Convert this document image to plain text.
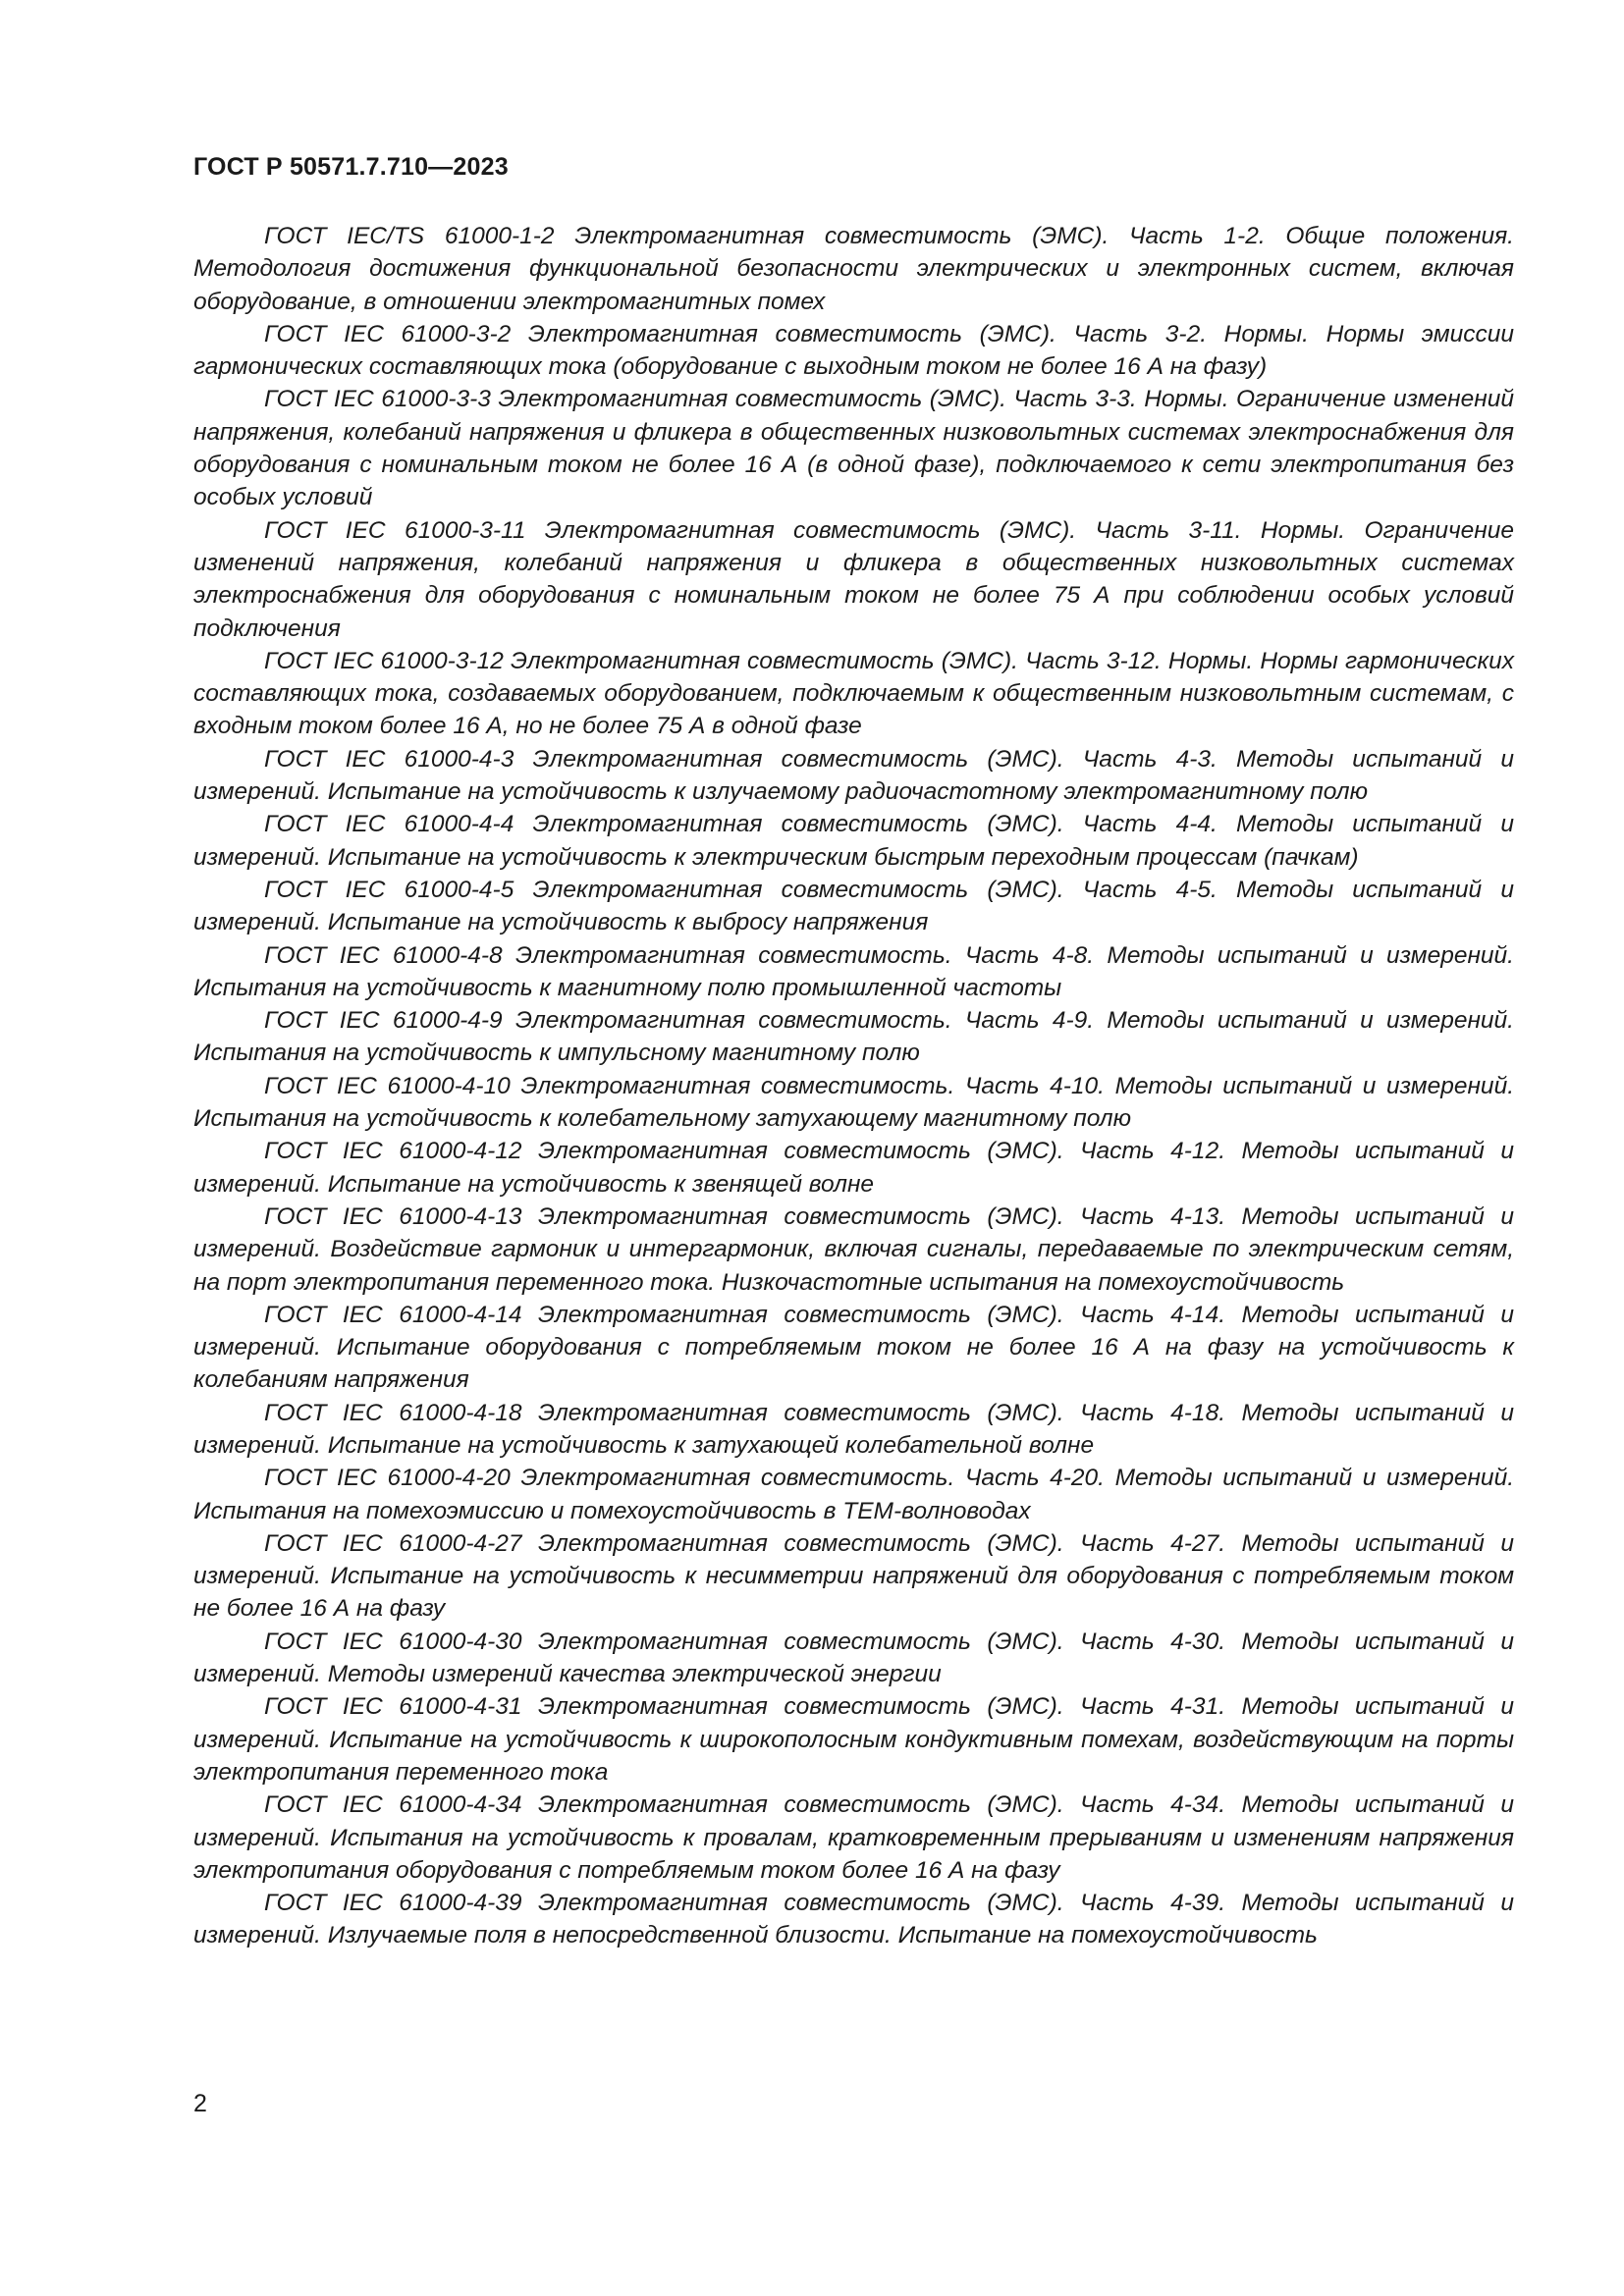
ГОСТ Р 50571.7.710—2023

ГОСТ IEC/TS 61000-1-2 Электромагнитная совместимость (ЭМС). Часть 1-2. Общие положения. Методология достижения функциональной безопасности электрических и электронных систем, включая оборудование, в отношении электромагнитных помех

ГОСТ IEC 61000-3-2 Электромагнитная совместимость (ЭМС). Часть 3-2. Нормы. Нормы эмиссии гармонических составляющих тока (оборудование с выходным током не более 16 А на фазу)

ГОСТ IEC 61000-3-3 Электромагнитная совместимость (ЭМС). Часть 3-3. Нормы. Ограничение изменений напряжения, колебаний напряжения и фликера в общественных низковольтных системах электроснабжения для оборудования с номинальным током не более 16 А (в одной фазе), подключаемого к сети электропитания без особых условий

ГОСТ IEC 61000-3-11 Электромагнитная совместимость (ЭМС). Часть 3-11. Нормы. Ограничение изменений напряжения, колебаний напряжения и фликера в общественных низковольтных системах электроснабжения для оборудования с номинальным током не более 75 А при соблюдении особых условий подключения

ГОСТ IEC 61000-3-12 Электромагнитная совместимость (ЭМС). Часть 3-12. Нормы. Нормы гармонических составляющих тока, создаваемых оборудованием, подключаемым к общественным низковольтным системам, с входным током более 16 А, но не более 75 А в одной фазе

ГОСТ IEC 61000-4-3 Электромагнитная совместимость (ЭМС). Часть 4-3. Методы испытаний и измерений. Испытание на устойчивость к излучаемому радиочастотному электромагнитному полю

ГОСТ IEC 61000-4-4 Электромагнитная совместимость (ЭМС). Часть 4-4. Методы испытаний и измерений. Испытание на устойчивость к электрическим быстрым переходным процессам (пачкам)

ГОСТ IEC 61000-4-5 Электромагнитная совместимость (ЭМС). Часть 4-5. Методы испытаний и измерений. Испытание на устойчивость к выбросу напряжения

ГОСТ IEC 61000-4-8 Электромагнитная совместимость. Часть 4-8. Методы испытаний и измерений. Испытания на устойчивость к магнитному полю промышленной частоты

ГОСТ IEC 61000-4-9 Электромагнитная совместимость. Часть 4-9. Методы испытаний и измерений. Испытания на устойчивость к импульсному магнитному полю

ГОСТ IEC 61000-4-10 Электромагнитная совместимость. Часть 4-10. Методы испытаний и измерений. Испытания на устойчивость к колебательному затухающему магнитному полю

ГОСТ IEC 61000-4-12 Электромагнитная совместимость (ЭМС). Часть 4-12. Методы испытаний и измерений. Испытание на устойчивость к звенящей волне

ГОСТ IEC 61000-4-13 Электромагнитная совместимость (ЭМС). Часть 4-13. Методы испытаний и измерений. Воздействие гармоник и интергармоник, включая сигналы, передаваемые по электрическим сетям, на порт электропитания переменного тока. Низкочастотные испытания на помехоустойчивость

ГОСТ IEC 61000-4-14 Электромагнитная совместимость (ЭМС). Часть 4-14. Методы испытаний и измерений. Испытание оборудования с потребляемым током не более 16 А на фазу на устойчивость к колебаниям напряжения

ГОСТ IEC 61000-4-18 Электромагнитная совместимость (ЭМС). Часть 4-18. Методы испытаний и измерений. Испытание на устойчивость к затухающей колебательной волне

ГОСТ IEC 61000-4-20 Электромагнитная совместимость. Часть 4-20. Методы испытаний и измерений. Испытания на помехоэмиссию и помехоустойчивость в ТЕМ-волноводах

ГОСТ IEC 61000-4-27 Электромагнитная совместимость (ЭМС). Часть 4-27. Методы испытаний и измерений. Испытание на устойчивость к несимметрии напряжений для оборудования с потребляемым током не более 16 А на фазу

ГОСТ IEC 61000-4-30 Электромагнитная совместимость (ЭМС). Часть 4-30. Методы испытаний и измерений. Методы измерений качества электрической энергии

ГОСТ IEC 61000-4-31 Электромагнитная совместимость (ЭМС). Часть 4-31. Методы испытаний и измерений. Испытание на устойчивость к широкополосным кондуктивным помехам, воздействующим на порты электропитания переменного тока

ГОСТ IEC 61000-4-34 Электромагнитная совместимость (ЭМС). Часть 4-34. Методы испытаний и измерений. Испытания на устойчивость к провалам, кратковременным прерываниям и изменениям напряжения электропитания оборудования с потребляемым током более 16 А на фазу

ГОСТ IEC 61000-4-39 Электромагнитная совместимость (ЭМС). Часть 4-39. Методы испытаний и измерений. Излучаемые поля в непосредственной близости. Испытание на помехоустойчивость

2
